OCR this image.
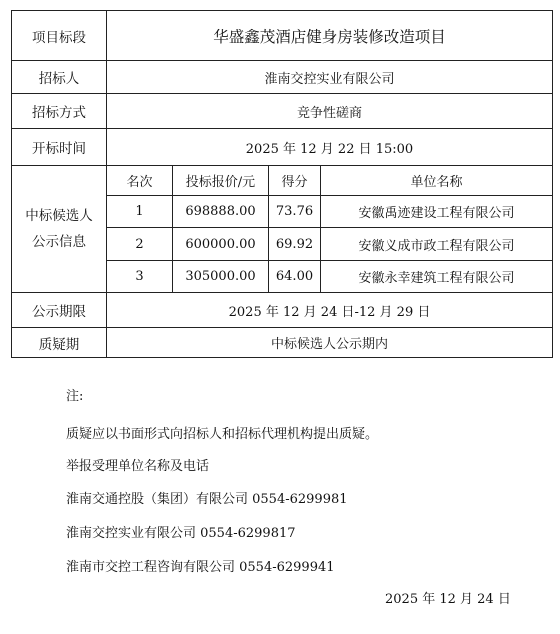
项目标段	华盛鑫茂酒店健身房装修改造项目			
招标人	淮南交控实业有限公司			
招标方式	竞争性磋商			
开标时间	2025 年 12 月 22 日 15:00			

中标候选人
公示信息	名次	投标报价/元	得分	单位名称
	1	698888.00	73.76	安徽禹迹建设工程有限公司
	2	600000.00	69.92	安徽义成市政工程有限公司
	3	305000.00	64.00	安徽永幸建筑工程有限公司
公示期限	2025 年 12 月 24 日-12 月 29 日			
质疑期	中标候选人公示期内			
注:
质疑应以书面形式向招标人和招标代理机构提出质疑。
举报受理单位名称及电话
淮南交通控股（集团）有限公司 0554-6299981
淮南交控实业有限公司 0554-6299817
淮南市交控工程咨询有限公司 0554-6299941
2025 年 12 月 24 日
